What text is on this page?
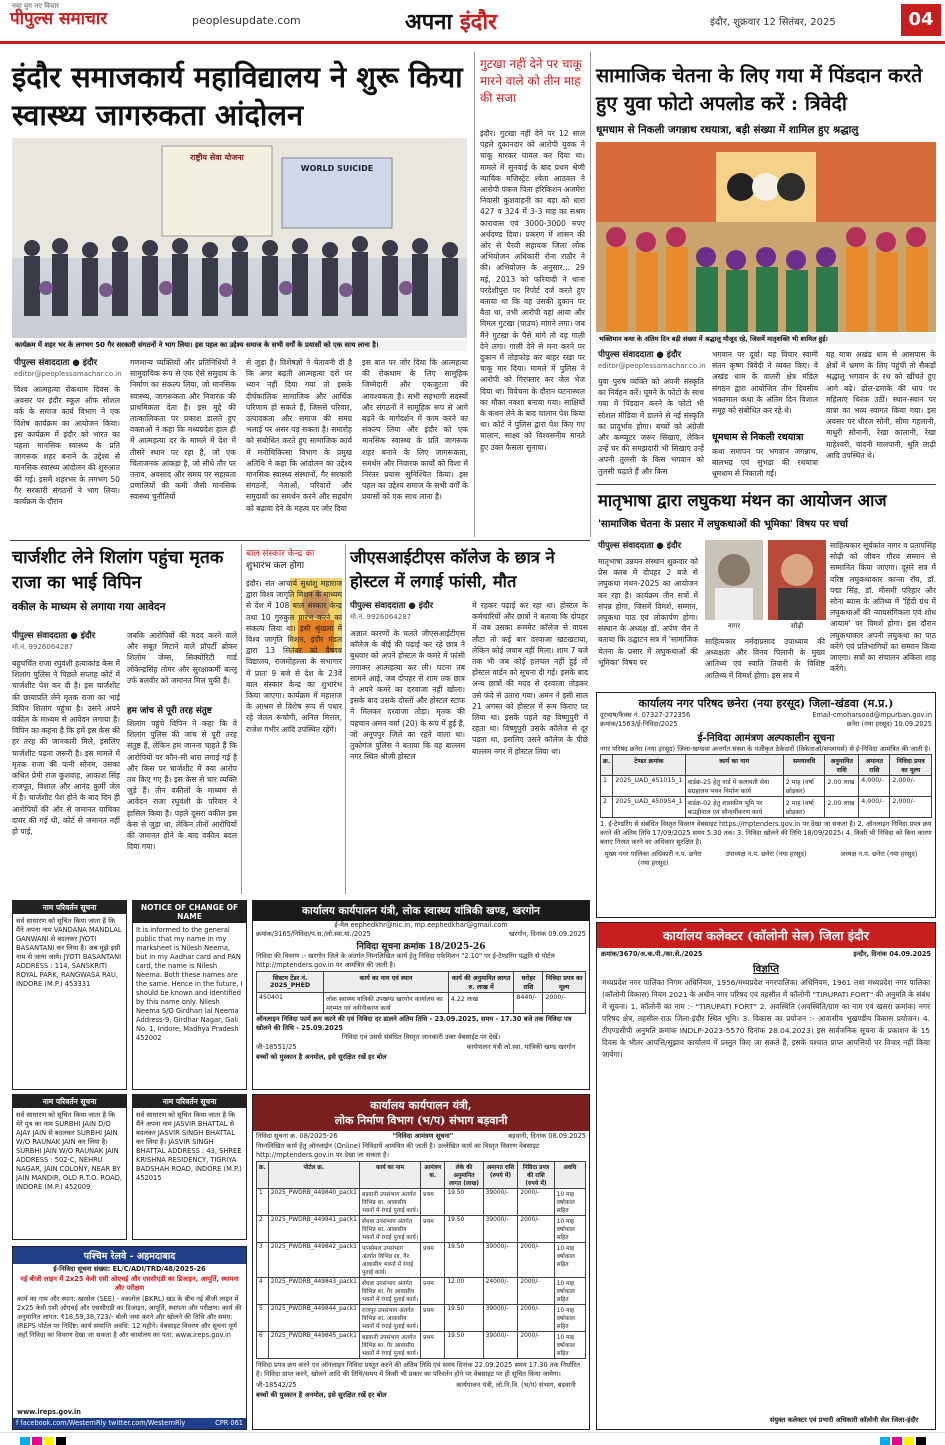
नया युग नए विचार
पीपुल्स समाचार	peoplesupdate.com	अपना इंदौर	इंदौर, शुक्रवार 12 सितंबर, 2025	04
इंदौर समाजकार्य महाविद्यालय ने शुरू किया स्वास्थ्य जागरुकता आंदोलन
राष्ट्रीय सेवा योजना
WORLD SUICIDE
कार्यक्रम में शहर भर के लगभग 50 गैर सरकारी संगठनों ने भाग लिया। इस पहल का उद्देश्य समाज के सभी वर्गों के प्रयासों को एक साथ लाना है।
पीपुल्स संवाददाता ● इंदौर
editor@peoplessamachar.co.in
विश्व आत्महत्या रोकथाम दिवस के अवसर पर इंदौर स्कूल ऑफ सोशल वर्क के समाज कार्य विभाग ने एक विशेष कार्यक्रम का आयोजन किया। इस कार्यक्रम में इंदौर को भारत का पहला मानसिक स्वास्थ्य के प्रति जागरूक शहर बनाने के उद्देश्य से मानसिक स्वास्थ्य आंदोलन की शुरुआत की गई। इसमें शहरभर के लगभग 50 गैर सरकारी संगठनों ने भाग लिया। कार्यक्रम के दौरान
गणमान्य व्यक्तियों और प्रतिनिधियों ने सामुदायिक रूप से एक ऐसे समुदाय के निर्माण का संकल्प लिया, जो मानसिक स्वास्थ्य, जागरूकता और निवारक की प्राथमिकता देता है। इस मुद्दे की तात्कालिकता पर प्रकाश डालते हुए वक्ताओं ने कहा कि मध्यप्रदेश हाल ही में आत्महत्या दर के मामले में देश में तीसरे स्थान पर रहा है, जो एक चिंताजनक आंकड़ा है, जो सीधे तौर पर तनाव, अवसाद और समय पर सहायता प्रणालियों की कमी जैसी मानसिक स्वास्थ्य चुनौतियों
से जुड़ा है। विशेषज्ञों ने चेतावनी दी है कि अगर बढ़ती आत्महत्या दरों पर ध्यान नहीं दिया गया तो इसके दीर्घकालिक सामाजिक और आर्थिक परिणाम हो सकते हैं, जिससे परिवार, उत्पादकता और समाज की समग्र भलाई पर असर पड़ सकता है। समारोह को संबोधित करते हुए सामाजिक कार्य में मनोचिकित्सा विभाग के प्रमुख अतिथि ने कहा कि आंदोलन का उद्देश्य मानसिक स्वास्थ्य संस्थानों, गैर सरकारी संगठनों, नेताओं, परिवारों और समुदायों का समर्थन करने और सहयोग को बढ़ावा देने के महत्व पर जोर दिया
इस बात पर जोर दिया कि आत्महत्या की रोकथाम के लिए सामूहिक जिम्मेदारी और एकजुटता की आवश्यकता है। सभी सहभागी सदस्यों और संगठनों ने सामूहिक रूप से आगे बढ़ने के मार्गदर्शन में काम करने का संकल्प लिया और इंदौर को एक मानसिक स्वास्थ्य के प्रति जागरूक शहर बनाने के लिए जागरूकता, समर्थन और निवारक कार्यों को दिशा में निरंतर प्रयास सुनिश्चित किया। इस पहल का उद्देश्य समाज के सभी वर्गों के प्रयासों को एक साथ लाना है।
गुटखा नहीं देने पर चाकू मारने वाले को तीन माह की सजा
इंदौर। गुटखा नहीं देने पर 12 साल पहले दुकानदार को आरोपी युवक ने चाकू मारकर घायल कर दिया था। मामले में सुनवाई के बाद प्रथम श्रेणी न्यायिक मजिस्ट्रेट श्वेता आठवल ने आरोपी पंकज पिता हरिकिशन अजमेरा निवासी कुशवाहनी का बड़ा को धारा 427 व 324 में 3-3 माह का सश्रम कारावास एवं 3000-3000 रुपए अर्थदण्ड दिया। प्रकरण में शासन की ओर से पैरवी सहायक जिला लोक अभियोजन अधिकारी रोना राठौर ने की। अभियोजन के अनुसार... 29 मई, 2013 को फरियादी ने थाना परदेशीपुरा पर रिपोर्ट दर्ज करते हुए बताया था कि वह उसकी दुकान पर बैठा था, तभी आरोपी वहां आया और विमल गुटखा (पाउच) मांगने लगा। जब मैंने गुटखा के पैसे मांगे तो वह गाली देने लगा। गाली देने से मना करने पर दुकान में तोड़फोड़ कर बाहर रखा पर चाकू मार दिया। मामले में पुलिस ने आरोपी को गिरफ्तार कर जेल भेज दिया था। विवेचना के दौरान घटनास्थल का मौका नक्शा बनाया गया। साक्षियों के कथन लेने के बाद चालान पेश किया था। कोर्ट ने पुलिस द्वारा पेश किए गए चालान, साक्ष्य को विश्वसनीय मानते हुए उक्त फैसला सुनाया।
सामाजिक चेतना के लिए गया में पिंडदान करते हुए युवा फोटो अपलोड करें : त्रिवेदी
धूमधाम से निकली जगन्नाथ रथयात्रा, बड़ी संख्या में शामिल हुए श्रद्धालु
भक्तिमान कथा के अंतिम दिन बड़ी संख्या में श्रद्धालु मौजूद रहे, जिसमें मातृशक्ति भी शामिल हुई।
पीपुल्स संवाददाता ● इंदौर
editor@peoplessamachar.co.in
युवा पुरुष व्यक्ति को अपनी संस्कृति का निर्वहन करें। घूमने के फोटो के साथ गया में पिंडदान करने के फोटो भी सोशल मीडिया में डालने से नई संस्कृति का प्रादुर्भाव होगा। बच्चों को अंग्रेजी और कम्प्यूटर जरूर सिखाएं, लेकिन उन्हें घर की समझदारी भी सिखाएं उन्हें अपनी तुलसी के किस भगवान को तुलसी चढ़ाते हैं और किस
भगवान पर दूर्वा। यह विचार स्वामी संतन कृष्ण त्रिवेदी ने व्यक्त किए। वे अखंड धाम के वालरी क्षेत्र मंडिल संगठन द्वारा आयोजित तीन दिवसीय भक्तमाल कथा के अंतिम दिन विशाल समूह को संबोधित कर रहे थे।
धूमधाम से निकली रथयात्रा
कथा समापन पर भगवान जगन्नाथ, बालभद्र एवं सुभद्रा की रथयात्रा धूमधाम से निकाली गई।
यह यात्रा अखंड धाम से आसपास के क्षेत्रों में भ्रमण के लिए पहुंची तो सैकड़ों श्रद्धालु भगवान के रथ को खींचते हुए आगे बढ़े। ढोल-ढमाके की धाप पर महिलाएं थिरक उठीं। स्थान-स्थान पर यात्रा का भव्य स्वागत किया गया। इस अवसर पर धीरज सोनी, सीमा गहलानी, माधुरी सोनानी, रेखा कालानी, रेखा माहेश्वरी, चांदनी मालपानी, श्रुति लाढ़ी आदि उपस्थित थे।
मातृभाषा द्वारा लघुकथा मंथन का आयोजन आज
'सामाजिक चेतना के प्रसार में लघुकथाओं की भूमिका' विषय पर चर्चा
पीपुल्स संवाददाता ● इंदौर
मातृभाषा उन्नयन संस्थान शुक्रवार को प्रेस क्लब में दोपहर 2 बजे से लघुकथा मंथन-2025 का आयोजन कर रहा है। कार्यक्रम तीन सत्रों में संपन्न होगा, जिसमें विमर्श, सम्मान, लघुकथा पाठ एवं लोकार्पण होगा। संस्थान के अध्यक्ष डॉ. अर्पण जैन ने बताया कि उद्घाटन सत्र में 'सामाजिक चेतना के प्रसार में लघुकथाओं की भूमिका' विषय पर
नागर	सौढ़ी
साहित्यकार नर्मदाप्रसाद उपाध्याय की अध्यक्षता और विनय पिलानी के मुख्य आतिथ्य एवं स्वाति तिवारी के विशिष्ट आतिथ्य में विमर्श होगा। इस सत्र में
साहित्यकार सूर्यकांत नागर व प्रतापसिंह सोढ़ी को जीवन गौरव सम्मान से सम्मानित किया जाएगा। दूसरे सत्र में वरिष्ठ लघुकथाकार कान्ता रॉय, डॉ. पद्मा सिंह, डॉ. मीसमी परिहार और सोना ब्यास के अतिथ्य में 'हिंदी ग्रंथ में लघुकथाओं की न्यायसंगिकता एवं शोध आयाम' पर विमर्श होगा। इस दौरान लघुकथाकार अपनी लघुकथा का पाठ करेंगे एवं प्रतिभागियों का सम्मान किया जाएगा। सत्रों का संचालन अंकिता शाह करेंगे।
कार्यालय नगर परिषद छनेरा (नया हरसूद) जिला-खंडवा (म.प्र.)
दूरभाष/फैक्स नं. 07327-272356	Email-cmoharsood@mpurban.gov.in
क्रमांक/1563/ई-निविदा/2025	छनेरा (नया हरसूद) 10.09.2025
ई-निविदा आमंत्रण अल्पकालीन सूचना
नगर परिषद छनेरा (नया हरसूद) जिला-खण्डवा अन्तर्गत संस्था के पंजीकृत ठेकेदारों (विकेताओं/सप्लायर्स) से ई-निविदा आमंत्रित की जाती है।
क्र.	टेण्डर क्रमांक	कार्य का नाम	समयावधि	अनुमानित राशि	अमानत राशि	निविदा प्रपत्र का मूल्य
1	2025_UAD_451015_1	वार्डक्र-25 हेतु वार्ड में कलावती सेवा संग्रहालय भवन निर्माण कार्य	2 माह (वर्षा छोड़कर)	2.00 लाख	4,000/-	2,000/-
2	2025_UAD_450954_1	वार्डक्र-02 हेतु शासकीय भूमि पर बाउंड्रीवाल एवं सौन्दर्यीकरण कार्य	2 माह (वर्षा छोड़कर)	2.00 लाख	4,000/-	2,000/-
1. ई-टेण्डरिंग से संबंधित विस्तृत विवरण वेबसाइट https://mptenders.gov.in पर देखा जा सकता है। 2. ऑनलाइन निविदा प्रपत्र क्रय करने की अंतिम तिथि 17/09/2025 समय 5.30 तक। 3. निविदा खोलने की तिथि 18/09/2025। 4. किसी भी निविदा को बिना कारण बताए निरस्त करने का अधिकार सुरक्षित है।
मुख्य नगर पालिका अधिकारी न.प. छनेरा (नया हरसूद)
उपाध्यक्ष न.प. छनेरा (नया हरसूद)	अध्यक्ष न.प. छनेरा (नया हरसूद)
कार्यालय कलेक्टर (कॉलोनी सेल) जिला इंदौर
क्रमांक/3670/अ.क.पी./का.से./2025	इन्दौर, दिनांक 04.09.2025
विज्ञप्ति
मध्यप्रदेश नगर पालिका निगम अधिनियम, 1956/मध्यप्रदेश नगरपालिका अधिनियम, 1961 तथा मध्यप्रदेश नगर पालिका (कॉलोनी विकास) नियम 2021 के अधीन नगर परिषद एवं तहसील में कॉलोनी "TIRUPATI FORT" की अनुमति के संबंध में सूचना। 1. कॉलोनी का नाम :- "TIRUPATI FORT" 2. अवस्थिति (अवस्थिति/ग्राम का नाम एवं खसरा क्रमांक) नगर परिषद क्षेत्र, तहसील-राऊ जिला-इंदौर स्थित भूमि। 3. विकास का प्रयोजन :- आवासीय भूखण्डीय विकास प्रयोजन। 4. टीएण्डसीपी अनुमति क्रमांक INDLP-2023-5570 दिनांक 28.04.2023। इस सार्वजनिक सूचना के प्रकाशन के 15 दिवस के भीतर आपत्ति/सुझाव कार्यालय में प्रस्तुत किए जा सकते हैं, इसके पश्चात प्राप्त आपत्तियों पर विचार नहीं किया जायेगा।
संयुक्त कलेक्टर एवं प्रभारी अधिकारी कॉलोनी सेल जिला-इंदौर
चार्जशीट लेने शिलांग पहुंचा मृतक राजा का भाई विपिन
वकील के माध्यम से लगाया गया आवेदन
पीपुल्स संवाददाता ● इंदौर
मो.नं. 9926064287
बहुचर्चित राजा रघुवंशी हत्याकांड केस में शिलांग पुलिस ने पिछले सप्ताह कोर्ट में चार्जशीट पेश कर दी है। इस चार्जशीट की छायाप्रति लेने मृतक राजा का भाई विपिन शिलांग पहुंचा है। उसने अपने वकील के माध्यम से आवेदन लगाया है। विपिन का कहना है कि हमें इस केस की हर तरह की जानकारी मिले, इसलिए चार्जशीट पढ़ना जरूरी है। इस मामले में मृतक राजा की पत्नी सोनम, उसका कथित प्रेमी राज कुशवाह, आकाश सिंह राजपूत, विशाल और आनंद कुर्मी जेल में है। चार्जशीट पेश होने के बाद दिन ही आरोपियों की ओर से जमानत याचिका दायर की गई थी, कोर्ट से जमानत नहीं हो पाई,
जबकि आरोपियों की मदद करने वाले और सबूत मिटाने वाले प्रॉपर्टी ब्रोकर शिलोम जेम्स, सिक्योरिटी गार्ड लोकेन्द्रसिंह तोमर और सुरक्षाकर्मी बल्लू उर्फ बलवीर को जमानत मिल चुकी है।
हम जांच से पूरी तरह संतुष्ट
शिलांग पहुंचे विपिन ने कहा कि वे शिलांग पुलिस की जांच से पूरी तरह संतुष्ट हैं, लेकिन हम जानना चाहते हैं कि आरोपियों पर कौन-सी धारा लगाई गई है और किस पर चार्जशीट में क्या आरोप तय किए गए हैं। इस केस से चार व्यक्ति जुड़े हैं। तीन वकीलों के माध्यम से आवेदन राजा रघुवंशी के परिवार ने हासिल किया है। पहले दूसरा वकील इस केस से जुड़ा था, लेकिन तीनों आरोपियों की जमानत होने के बाद वकील बदल दिया गया।
बाल संस्कार केन्द्र का
शुभारंभ कल होगा
इंदौर। संत आचार्य सुधांशु महाराज द्वारा विश्व जागृति मिशन के माध्यम से देश में 108 बाल संस्कार केन्द्र तथा 10 गुरुकुल प्रारंभ करने का संकल्प लिया था। इसी श्रृंखला में विश्व जागृति मिशन, इंदौर मंडल द्वारा 13 सितंबर को वैष्णव विद्यालय, राजमोहल्ला के सभागार में प्रातः 9 बजे से देश के 23वें बाल संस्कार केन्द्र का शुभारंभ किया जाएगा। कार्यक्रम में महाराज के आश्रम से विशेष रूप से पधार रहे जेतल रूचोगी, अनिल मित्तल, राजेश गंभीर आदि उपस्थित रहेंगे।
जीएसआईटीएस कॉलेज के छात्र ने होस्टल में लगाई फांसी, मौत
पीपुल्स संवाददाता ● इंदौर
मो.नं. 9926064287
अज्ञात कारणों के चलते जीएसआईटीएस कॉलेज के बीई की पढ़ाई कर रहे छात्र ने बुधवार को अपने होस्टल के कमरे में फांसी लगाकर आत्महत्या कर ली। घटना तब सामने आई, जब दोपहर से शाम तक छात्र ने अपने कमरे का दरवाजा नहीं खोला। इसके बाद उसके दोस्तों और होस्टल स्टाफ ने मिलकर दरवाजा तोड़ा। मृतक की पहचान अमन वर्मा (20) के रूप में हुई है, जो अनूपपुर जिले का रहने वाला था। तुकोगंज पुलिस ने बताया कि वह बाल्लम नगर स्थित श्रीजी होस्टल
में रहकर पढ़ाई कर रहा था। होस्टल के कर्मचारियों और छात्रों ने बताया कि दोपहर में जब उसका रूममेट कॉलेज से वापस लौटा तो कई बार दरवाजा खटखटाया, लेकिन कोई जवाब नहीं मिला। शाम 7 बजे तक भी जब कोई हलचल नहीं हुई तो होस्टल वार्डन को सूचना दी गई। इसके बाद अन्य छात्रों की मदद से दरवाजा तोड़कर उसे फंदे से उतारा गया। अमन ने इसी साल 21 अगस्त को होस्टल में रूम किराए पर लिया था। इसके पहले वह विष्णुपुरी में रहता था। विष्णुपुरी उसके कॉलेज से दूर पड़ता था, इसलिए उसने कॉलेज के पीछे बाल्लम नगर में होस्टल लिया था।
नाम परिवर्तन सूचना
सर्व साधारण को सूचित किया जाता है कि मैंने अपना नाम VANDANA MANDLAL GANWANI से बदलकर JYOTI BASANTANI कर लिया है। अब मुझे इसी नाम से जाना जाये। JYOTI BASANTANI ADDRESS : 114, SANSKRITI ROYAL PARK, RANGWASA RAU, INDORE (M.P.) 453331
NOTICE OF CHANGE OF NAME
It is informed to the general public that my name in my marksheet is Nilesh Neema, but in my Aadhar card and PAN card, the name is Nilesh Neema. Both these names are the same. Hence in the future, I should be known and identified by this name only. Nilesh Neema S/O Girdhari lal Neema Address-9, Girdhar Nagar, Gali No. 1, Indore, Madhya Pradesh 452002
नाम परिवर्तन सूचना
सर्व साधारण को सूचित किया जाता है कि मेरे पुत्र का नाम SURBHI JAIN D/O AJAY JAIN से बदलकर SURBHI JAIN W/O RAUNAK JAIN कर लिया है। SURBHI JAIN W/O RAUNAK JAIN ADDRESS : 502-C, NEHRU NAGAR, JAIN COLONY, NEAR BY JAIN MANDIR, OLD R.T.O. ROAD, INDORE (M.P.) 452009
नाम परिवर्तन सूचना
सर्व साधारण को सूचित किया जाता है कि मैंने अपना नाम JASVIR BHATTAL से बदलकर JASVIR SINGH BHATTAL कर लिया है। JASVIR SINGH BHATTAL ADDRESS : 43, SHREE KRISHNA RESIDENCY, TIGRIYA BADSHAH ROAD, INDORE (M.P.) 452015
पश्चिम रेलवे - अहमदाबाद
ई-निविदा सूचना संख्या: EL/C/ADI/TRD/48/2025-26
नई बीजी लाइन में 2x25 केवी एसी ओएचई और एससीएडी का डिजाइन, आपूर्ति, स्थापना और परीक्षण
कार्य का नाम और स्थान: खरसेल (SEE) - वकतोल (BKRL) खंड के बीच नई बीजी लाइन में 2x25 केवी एसी ओएचई और एससीएडी का डिजाइन, आपूर्ति, स्थापना और परीक्षण। कार्य की अनुमानित लागत: ₹18,59,38,723/- बोली जमा करने और खोलने की तिथि और समय: IREPS पोर्टल पर निर्दिष्ट। कार्य समाप्ति अवधि: 12 महीने। वेबसाइट विवरण और सूचना पूर्ण जहाँ निविदा का विवरण देखा जा सकता है और कार्यालय का पता: www.ireps.gov.in
f facebook.com/WesternRly twitter.com/WesternRly	CPR 061
www.ireps.gov.in
कार्यालय कार्यपालन यंत्री, लोक स्वास्थ्य यांत्रिकी खण्ड, खरगोन
ई-मेल eephedkhr@nic.in, mp.eephedkhar@gmail.com
क्रमांक/3165/निविदा/प.स./लो.स्वा.यां./2025	खरगोन, दिनांक 09.09.2025
निविदा सूचना क्रमांक 18/2025-26
निविदा की विवरण :- खरगोन जिले के अंतर्गत निम्नलिखित कार्य हेतु निविदा एफेमिशन "2.10" पर ई-टेण्डरिंग पद्धति से पोर्टल http://mptenders.gov.in पर आमंत्रित की जाती है।
सिस्टम टेंडर नं. 2025_PHED	कार्य का नाम एवं स्थान	कार्य की अनुमानित लागत रु. लाख में	धरोहर राशि	निविदा प्रपत्र का मूल्य
450401	लोक स्वास्थ्य यांत्रिकी उपखण्ड खरगोन कार्यालय का मरम्मत एवं नवीनीकरण कार्य	4.22 लाख	8440/-	2000/-
ऑनलाइन निविदा फार्म क्रय करने की एवं निविदा दर डालने अंतिम तिथि - 23.09.2025, समय - 17.30 बजे तक निविदा पत्र खोलने की तिथि - 25.09.2025
निविदा एवं उससे संबंधित विस्तृत जानकारी उक्त वेबसाईट पर देखें।
जी-18551/25	कार्यपालन यंत्री लो.स्वा. यांत्रिकी खण्ड खरगोन
बच्चों को मुस्कान है अनमोल, इसे सुरक्षित रखें हर बोल
कार्यालय कार्यपालन यंत्री,
लोक निर्माण विभाग (भ/प) संभाग बड़वानी
निविदा सूचना क्र. 08/2025-26	"निविदा आमंत्रण सूचना"	बड़वानी, दिनांक 08.09.2025
निम्नलिखित कार्य हेतु ऑनलाईन (Online) निविदायें आमंत्रित की जाती है। उल्लेखित कार्य का विस्तृत विवरण वेबसाइट http://mptenders.gov.in पर देखा जा सकता है।
क्र.	पोर्टल क्र.	कार्य का नाम	आमंत्रण क.	लेके की अनुमानित लागत (लाख)	अमानत राशि (रुपये में)	निविदा प्रपत्र की राशि (रुपये में)	अवधि
1	2025_PWDRB_449840_pack1	बड़वानी उपसंभाग अंतर्गत विभिन्न शा. आवासीय भवनों में रंगाई पुताई कार्य।	प्रथम	19.50	39000/-	2000/-	10 माह वर्षाकाल सहित
2	2025_PWDRB_449841_pack1	सेंधवा उपसंभाग अंतर्गत विभिन्न शा. आवासीय भवनों में रंगाई पुताई कार्य।	प्रथम	19.50	39000/-	2000/-	10 माह वर्षाकाल सहित
3	2025_PWDRB_449842_pack1	पानसेमल उपसंभाग अंतर्गत विभिन्न शा. गैर आवासीय भवनों में रंगाई पुताई कार्य।	प्रथम	19.50	39000/-	2000/-	10 माह वर्षाकाल सहित
4	2025_PWDRB_449843_pack1	सेंधवा उपसंभाग अंतर्गत विभिन्न शा. गैर आवासीय भवनों में रंगाई पुताई कार्य।	प्रथम	12.00	24000/-	2000/-	10 माह वर्षाकाल सहित
5	2025_PWDRB_449844_pack1	राजपुर उपसंभाग अंतर्गत विभिन्न शा. आवासीय भवनों में रंगाई पुताई कार्य।	प्रथम	19.50	39000/-	2000/-	10 माह वर्षाकाल सहित
6	2025_PWDRB_449845_pack1	बड़वानी उपसंभाग अंतर्गत विभिन्न शा. गैर आवासीय भवनों में रंगाई पुताई कार्य।	प्रथम	19.50	39000/-	2000/-	10 माह वर्षाकाल सहित
निविदा प्रपत्र क्रय करने एवं ऑनलाइन निविदा प्रस्तुत करने की अंतिम तिथि एवं समय दिनांक 22.09.2025 समय 17.30 तक निर्धारित है। निविदा प्राप्त करने, खोलने आदि की तिथि/समय में किसी भी प्रकार का परिवर्तन होने पर वेबसाइट पर ही सूचित किया जायेगा।
जी-18542/25	कार्यपालन यंत्री, लो.नि.वि. (भ/प) संभाग, बड़वानी
बच्चों की मुस्कान है अनमोल, इसे सुरक्षित रखें हर बोल
